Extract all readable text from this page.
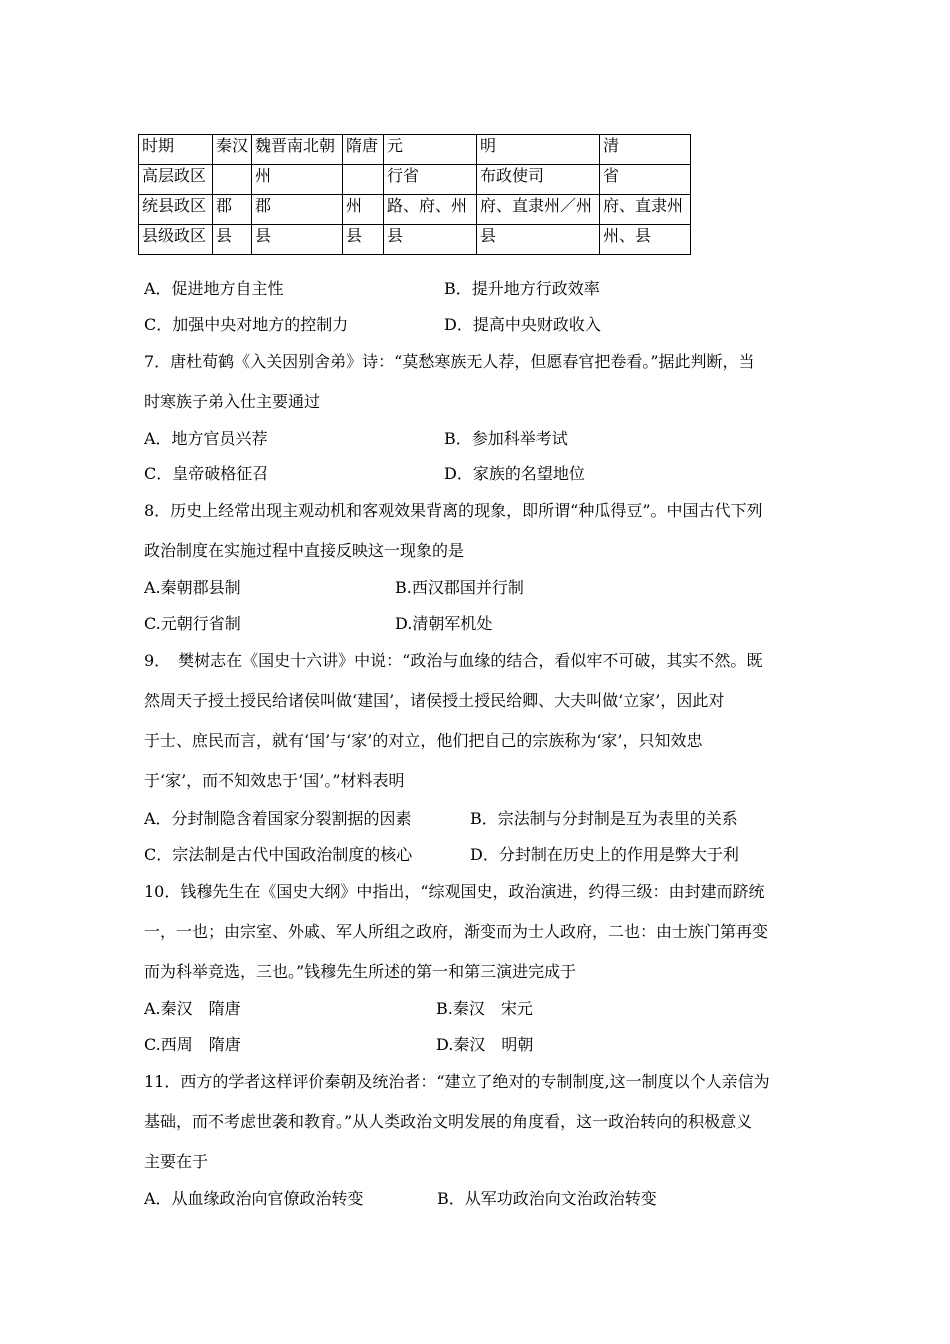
时期	秦汉	魏晋南北朝	隋唐	元	明	清
高层政区		州		行省	布政使司	省
统县政区	郡	郡	州	路、府、州	府、直隶州／州	府、直隶州
县级政区	县	县	县	县	县	州、县
A．促进地方自主性	B．提升地方行政效率
C．加强中央对地方的控制力	D．提高中央财政收入
7．唐杜荀鹤《入关因别舍弟》诗：“莫愁寒族无人荐，但愿春官把卷看。”据此判断，当
时寒族子弟入仕主要通过
A．地方官员兴荐	B．参加科举考试
C．皇帝破格征召	D．家族的名望地位
8．历史上经常出现主观动机和客观效果背离的现象，即所谓“种瓜得豆”。中国古代下列
政治制度在实施过程中直接反映这一现象的是
A.秦朝郡县制	B.西汉郡国并行制
C.元朝行省制	D.清朝军机处
9．　樊树志在《国史十六讲》中说：“政治与血缘的结合，看似牢不可破，其实不然。既
然周天子授土授民给诸侯叫做‘建国’，诸侯授土授民给卿、大夫叫做‘立家’，因此对
于士、庶民而言，就有‘国’与‘家’的对立，他们把自己的宗族称为‘家’，只知效忠
于‘家’，而不知效忠于‘国’。”材料表明
A．分封制隐含着国家分裂割据的因素	B．宗法制与分封制是互为表里的关系
C．宗法制是古代中国政治制度的核心	D．分封制在历史上的作用是弊大于利
10．钱穆先生在《国史大纲》中指出，“综观国史，政治演进，约得三级：由封建而跻统
一，一也；由宗室、外戚、军人所组之政府，渐变而为士人政府，二也：由士族门第再变
而为科举竞选，三也。”钱穆先生所述的第一和第三演进完成于
A.秦汉　隋唐	B.秦汉　宋元
C.西周　隋唐	D.秦汉　明朝
11．西方的学者这样评价秦朝及统治者：“建立了绝对的专制制度,这一制度以个人亲信为
基础，而不考虑世袭和教育。”从人类政治文明发展的角度看，这一政治转向的积极意义
主要在于
A．从血缘政治向官僚政治转变	B．从军功政治向文治政治转变
